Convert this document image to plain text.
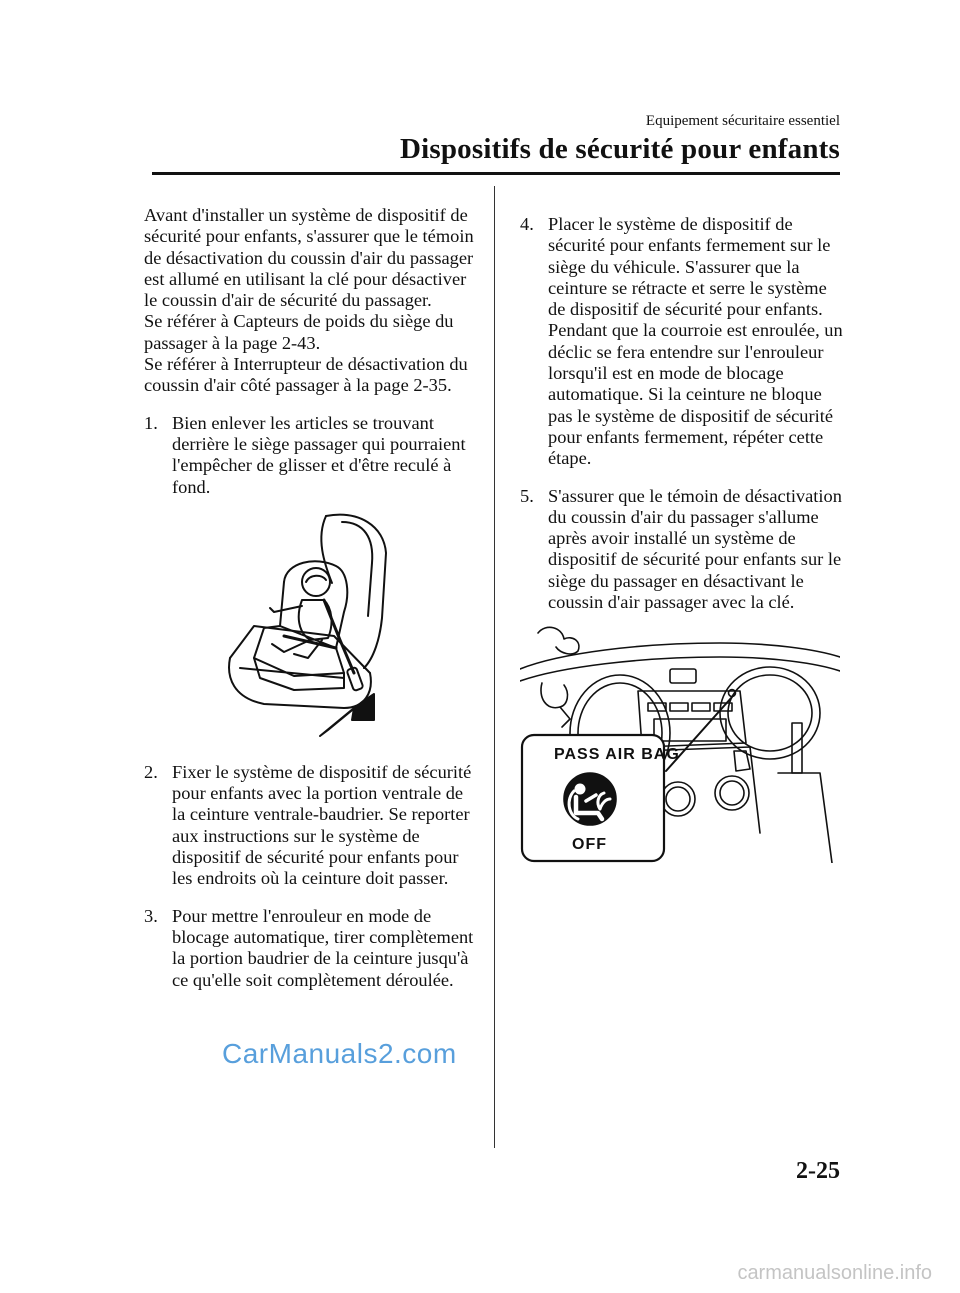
Equipement sécuritaire essentiel
Dispositifs de sécurité pour enfants

Avant d'installer un système de dispositif de sécurité pour enfants, s'assurer que le témoin de désactivation du coussin d'air du passager est allumé en utilisant la clé pour désactiver le coussin d'air de sécurité du passager.

Se référer à Capteurs de poids du siège du passager à la page 2-43.

Se référer à Interrupteur de désactivation du coussin d'air côté passager à la page 2-35.

1. Bien enlever les articles se trouvant derrière le siège passager qui pourraient l'empêcher de glisser et d'être reculé à fond.
2. Fixer le système de dispositif de sécurité pour enfants avec la portion ventrale de la ceinture ventrale-baudrier. Se reporter aux instructions sur le système de dispositif de sécurité pour enfants pour les endroits où la ceinture doit passer.
3. Pour mettre l'enrouleur en mode de blocage automatique, tirer complètement la portion baudrier de la ceinture jusqu'à ce qu'elle soit complètement déroulée.
4. Placer le système de dispositif de sécurité pour enfants fermement sur le siège du véhicule. S'assurer que la ceinture se rétracte et serre le système de dispositif de sécurité pour enfants. Pendant que la courroie est enroulée, un déclic se fera entendre sur l'enrouleur lorsqu'il est en mode de blocage automatique. Si la ceinture ne bloque pas le système de dispositif de sécurité pour enfants fermement, répéter cette étape.
5. S'assurer que le témoin de désactivation du coussin d'air du passager s'allume après avoir installé un système de dispositif de sécurité pour enfants sur le siège du passager en désactivant le coussin d'air passager avec la clé.
PASS AIR BAG
OFF
2-25
CarManuals2.com
carmanualsonline.info
